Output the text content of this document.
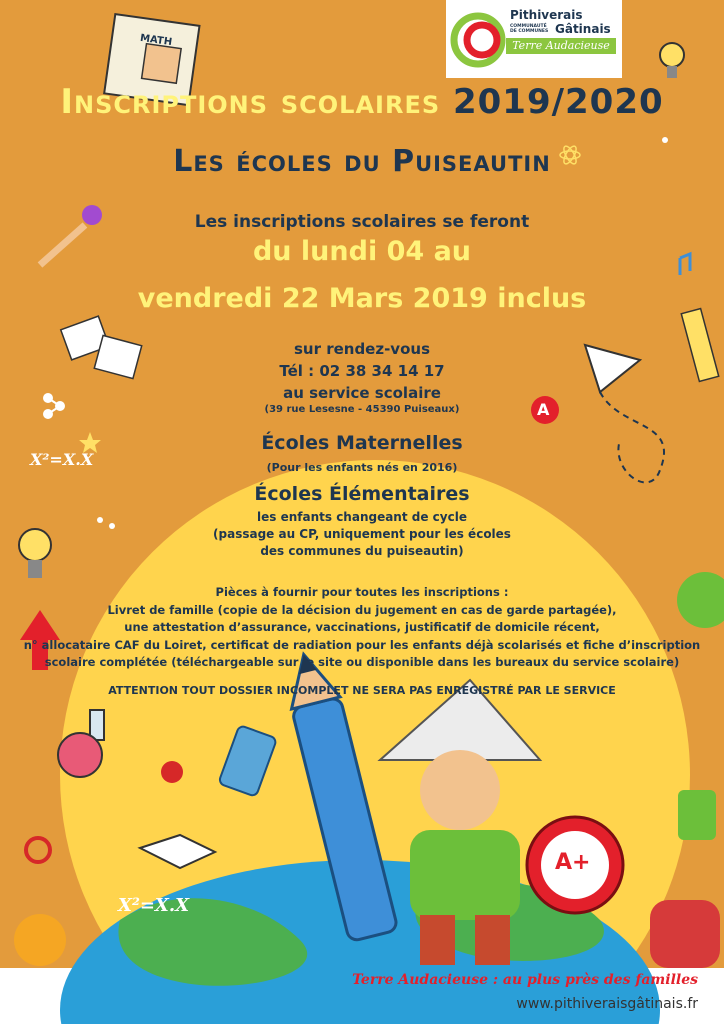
MATH
X²=X.X
X²=X.X
A
A+
Pithiverais
COMMUNAUTÉ DE COMMUNES Gâtinais
Terre Audacieuse
Inscriptions scolaires 2019/2020
Les écoles du Puiseautin
Les inscriptions scolaires se feront
du lundi 04 au
vendredi 22 Mars 2019 inclus
sur rendez-vous
Tél : 02 38 34 14 17
au service scolaire
(39 rue Lesesne - 45390 Puiseaux)
Écoles Maternelles
(Pour les enfants nés en 2016)
Écoles Élémentaires
les enfants changeant de cycle
(passage au CP, uniquement pour les écoles
des communes du puiseautin)
Pièces à fournir pour toutes les inscriptions :
Livret de famille (copie de la décision du jugement en cas de garde partagée),
une attestation d’assurance, vaccinations, justificatif de domicile récent,
n° allocataire CAF du Loiret, certificat de radiation pour les enfants déjà scolarisés et fiche d’inscription
scolaire complétée (téléchargeable sur le site ou disponible dans les bureaux du service scolaire)
ATTENTION TOUT DOSSIER INCOMPLET NE SERA PAS ENREGISTRÉ PAR LE SERVICE
Terre Audacieuse : au plus près des familles
www.pithiveraisgâtinais.fr
